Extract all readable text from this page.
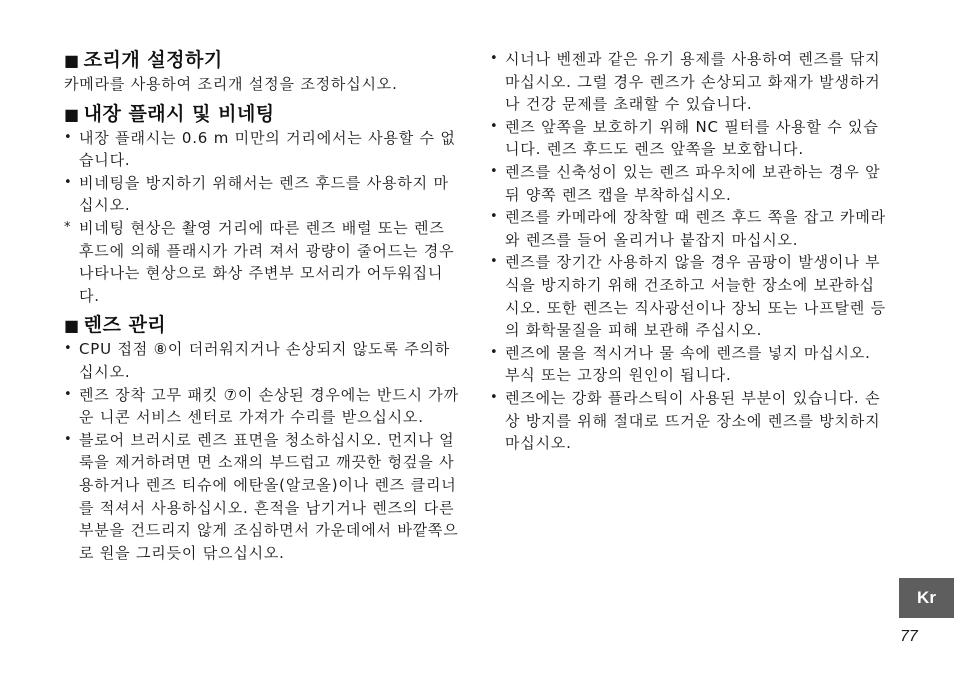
■ 조리개 설정하기

카메라를 사용하여 조리개 설정을 조정하십시오.

■ 내장 플래시 및 비네팅
• 내장 플래시는 0.6 m 미만의 거리에서는 사용할 수 없습니다.
• 비네팅을 방지하기 위해서는 렌즈 후드를 사용하지 마십시오.
* 비네팅 현상은 촬영 거리에 따른 렌즈 배럴 또는 렌즈 후드에 의해 플래시가 가려 져서 광량이 줄어드는 경우 나타나는 현상으로 화상 주변부 모서리가 어두워집니다.
■ 렌즈 관리
• CPU 접점 ⑧이 더러워지거나 손상되지 않도록 주의하십시오.
• 렌즈 장착 고무 패킷 ⑦이 손상된 경우에는 반드시 가까운 니콘 서비스 센터로 가져가 수리를 받으십시오.
• 블로어 브러시로 렌즈 표면을 청소하십시오. 먼지나 얼룩을 제거하려면 면 소재의 부드럽고 깨끗한 헝겊을 사용하거나 렌즈 티슈에 에탄올(알코올)이나 렌즈 클리너를 적셔서 사용하십시오. 흔적을 남기거나 렌즈의 다른 부분을 건드리지 않게 조심하면서 가운데에서 바깥쪽으로 원을 그리듯이 닦으십시오.
• 시너나 벤젠과 같은 유기 용제를 사용하여 렌즈를 닦지 마십시오. 그럴 경우 렌즈가 손상되고 화재가 발생하거나 건강 문제를 초래할 수 있습니다.
• 렌즈 앞쪽을 보호하기 위해 NC 필터를 사용할 수 있습니다. 렌즈 후드도 렌즈 앞쪽을 보호합니다.
• 렌즈를 신축성이 있는 렌즈 파우치에 보관하는 경우 앞뒤 양쪽 렌즈 캡을 부착하십시오.
• 렌즈를 카메라에 장착할 때 렌즈 후드 쪽을 잡고 카메라와 렌즈를 들어 올리거나 붙잡지 마십시오.
• 렌즈를 장기간 사용하지 않을 경우 곰팡이 발생이나 부식을 방지하기 위해 건조하고 서늘한 장소에 보관하십시오. 또한 렌즈는 직사광선이나 장뇌 또는 나프탈렌 등의 화학물질을 피해 보관해 주십시오.
• 렌즈에 물을 적시거나 물 속에 렌즈를 넣지 마십시오. 부식 또는 고장의 원인이 됩니다.
• 렌즈에는 강화 플라스틱이 사용된 부분이 있습니다. 손상 방지를 위해 절대로 뜨거운 장소에 렌즈를 방치하지 마십시오.
Kr
77
